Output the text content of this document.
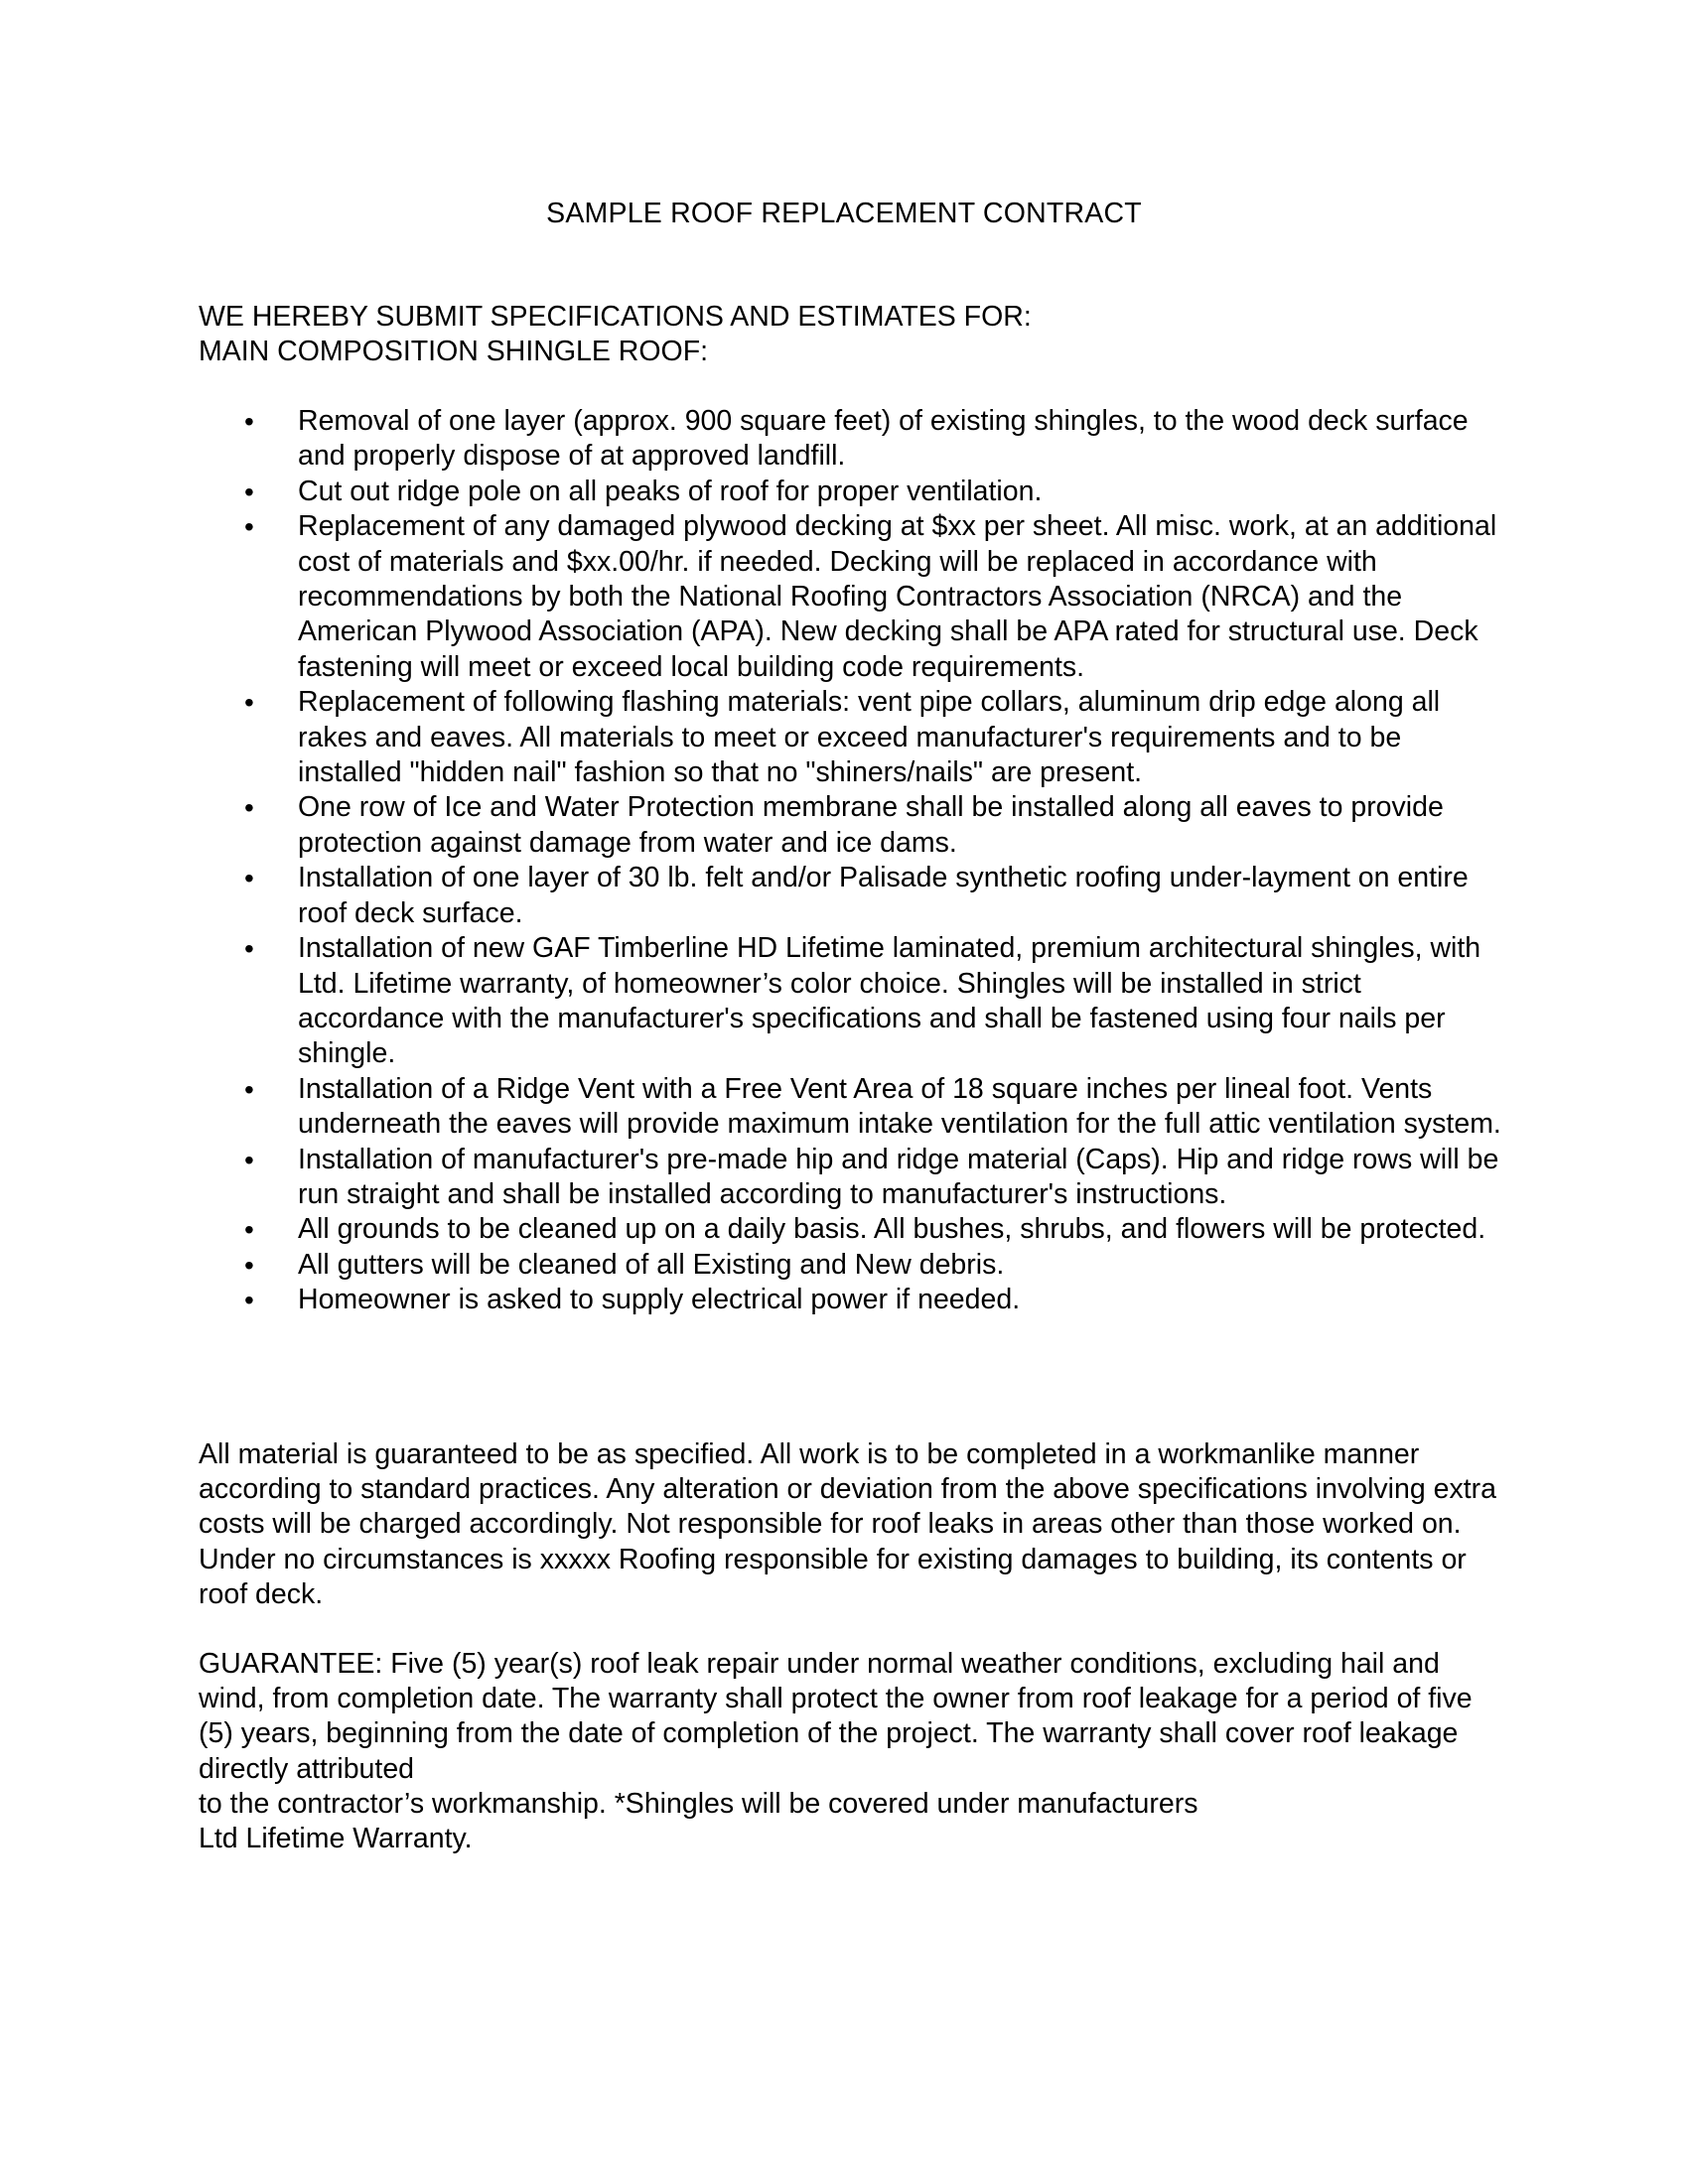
SAMPLE ROOF REPLACEMENT CONTRACT
WE HEREBY SUBMIT SPECIFICATIONS AND ESTIMATES FOR:
MAIN COMPOSITION SHINGLE ROOF:
• Removal of one layer (approx. 900 square feet) of existing shingles, to the wood deck surface and properly dispose of at approved landfill.
• Cut out ridge pole on all peaks of roof for proper ventilation.
• Replacement of any damaged plywood decking at $xx per sheet. All misc. work, at an additional cost of materials and $xx.00/hr. if needed. Decking will be replaced in accordance with recommendations by both the National Roofing Contractors Association (NRCA) and the American Plywood Association (APA). New decking shall be APA rated for structural use. Deck fastening will meet or exceed local building code requirements.
• Replacement of following flashing materials: vent pipe collars, aluminum drip edge along all rakes and eaves. All materials to meet or exceed manufacturer's requirements and to be installed "hidden nail" fashion so that no "shiners/nails" are present.
• One row of Ice and Water Protection membrane shall be installed along all eaves to provide protection against damage from water and ice dams.
• Installation of one layer of 30 lb. felt and/or Palisade synthetic roofing under-layment on entire roof deck surface.
• Installation of new GAF Timberline HD Lifetime laminated, premium architectural shingles, with Ltd. Lifetime warranty, of homeowner’s color choice. Shingles will be installed in strict accordance with the manufacturer's specifications and shall be fastened using four nails per shingle.
• Installation of a Ridge Vent with a Free Vent Area of 18 square inches per lineal foot. Vents underneath the eaves will provide maximum intake ventilation for the full attic ventilation system.
• Installation of manufacturer's pre-made hip and ridge material (Caps). Hip and ridge rows will be run straight and shall be installed according to manufacturer's instructions.
• All grounds to be cleaned up on a daily basis. All bushes, shrubs, and flowers will be protected.
• All gutters will be cleaned of all Existing and New debris.
• Homeowner is asked to supply electrical power if needed.
All material is guaranteed to be as specified. All work is to be completed in a workmanlike manner according to standard practices. Any alteration or deviation from the above specifications involving extra costs will be charged accordingly. Not responsible for roof leaks in areas other than those worked on. Under no circumstances is xxxxx Roofing responsible for existing damages to building, its contents or roof deck.
GUARANTEE: Five (5) year(s) roof leak repair under normal weather conditions, excluding hail and wind, from completion date. The warranty shall protect the owner from roof leakage for a period of five (5) years, beginning from the date of completion of the project. The warranty shall cover roof leakage directly attributed
to the contractor’s workmanship. *Shingles will be covered under manufacturers
Ltd Lifetime Warranty.
